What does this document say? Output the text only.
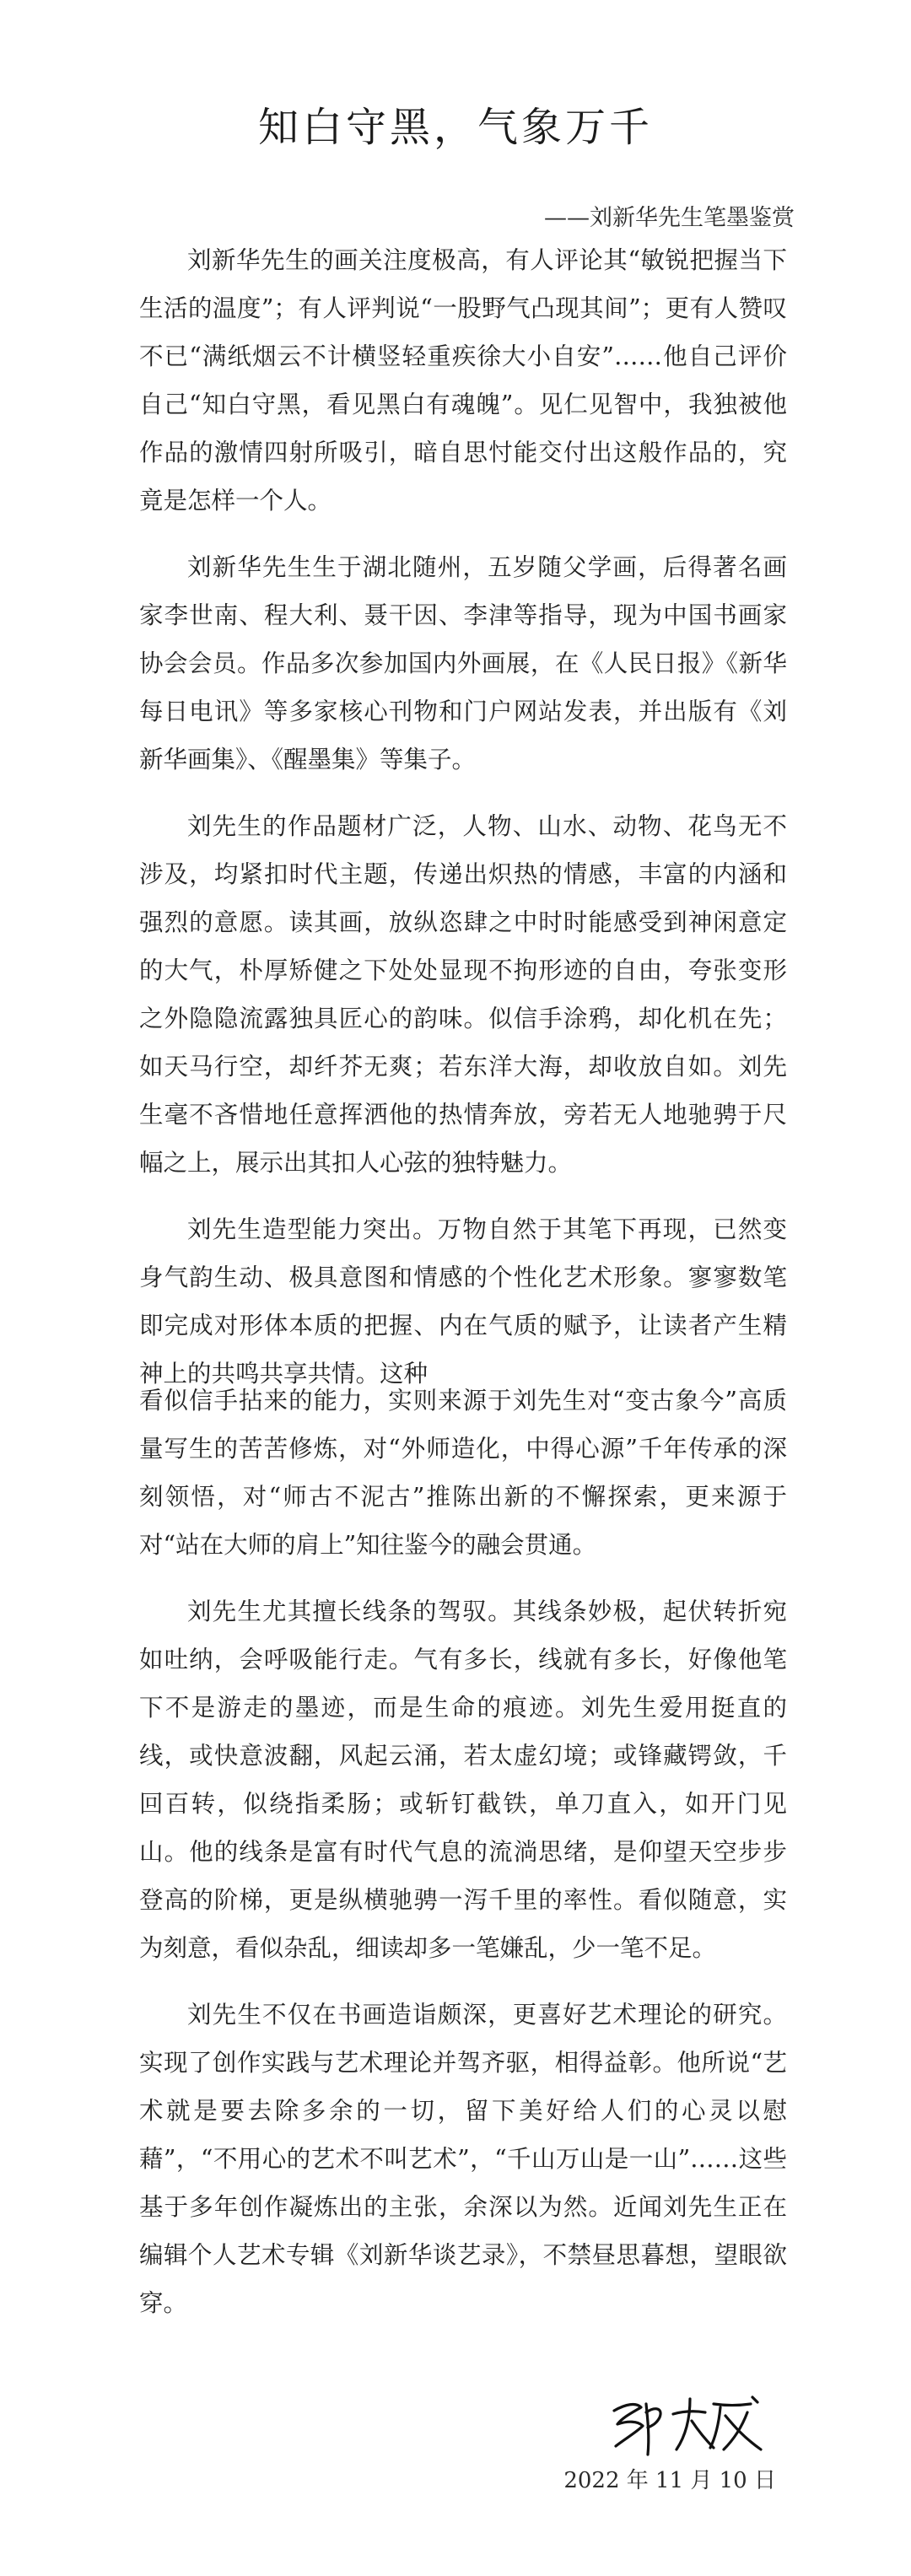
知白守黑，气象万千

——刘新华先生笔墨鉴赏

刘新华先生的画关注度极高，有人评论其“敏锐把握当下生活的温度”；有人评判说“一股野气凸现其间”；更有人赞叹不已“满纸烟云不计横竖轻重疾徐大小自安”……他自己评价自己“知白守黑，看见黑白有魂魄”。见仁见智中，我独被他作品的激情四射所吸引，暗自思忖能交付出这般作品的，究竟是怎样一个人。

刘新华先生生于湖北随州，五岁随父学画，后得著名画家李世南、程大利、聂干因、李津等指导，现为中国书画家协会会员。作品多次参加国内外画展，在《人民日报》《新华每日电讯》等多家核心刊物和门户网站发表，并出版有《刘新华画集》、《醒墨集》等集子。

刘先生的作品题材广泛，人物、山水、动物、花鸟无不涉及，均紧扣时代主题，传递出炽热的情感，丰富的内涵和强烈的意愿。读其画，放纵恣肆之中时时能感受到神闲意定的大气，朴厚矫健之下处处显现不拘形迹的自由，夸张变形之外隐隐流露独具匠心的韵味。似信手涂鸦，却化机在先；如天马行空，却纤芥无爽；若东洋大海，却收放自如。刘先生毫不吝惜地任意挥洒他的热情奔放，旁若无人地驰骋于尺幅之上，展示出其扣人心弦的独特魅力。

刘先生造型能力突出。万物自然于其笔下再现，已然变身气韵生动、极具意图和情感的个性化艺术形象。寥寥数笔即完成对形体本质的把握、内在气质的赋予，让读者产生精神上的共鸣共享共情。这种

看似信手拈来的能力，实则来源于刘先生对“变古象今”高质量写生的苦苦修炼，对“外师造化，中得心源”千年传承的深刻领悟，对“师古不泥古”推陈出新的不懈探索，更来源于对“站在大师的肩上”知往鉴今的融会贯通。

刘先生尤其擅长线条的驾驭。其线条妙极，起伏转折宛如吐纳，会呼吸能行走。气有多长，线就有多长，好像他笔下不是游走的墨迹，而是生命的痕迹。刘先生爱用挺直的线，或快意波翻，风起云涌，若太虚幻境；或锋藏锷敛，千回百转，似绕指柔肠；或斩钉截铁，单刀直入，如开门见山。他的线条是富有时代气息的流淌思绪，是仰望天空步步登高的阶梯，更是纵横驰骋一泻千里的率性。看似随意，实为刻意，看似杂乱，细读却多一笔嫌乱，少一笔不足。

刘先生不仅在书画造诣颇深，更喜好艺术理论的研究。实现了创作实践与艺术理论并驾齐驱，相得益彰。他所说“艺术就是要去除多余的一切，留下美好给人们的心灵以慰藉”，“不用心的艺术不叫艺术”，“千山万山是一山”……这些基于多年创作凝炼出的主张，余深以为然。近闻刘先生正在编辑个人艺术专辑《刘新华谈艺录》，不禁昼思暮想，望眼欲穿。

2022 年 11 月 10 日
